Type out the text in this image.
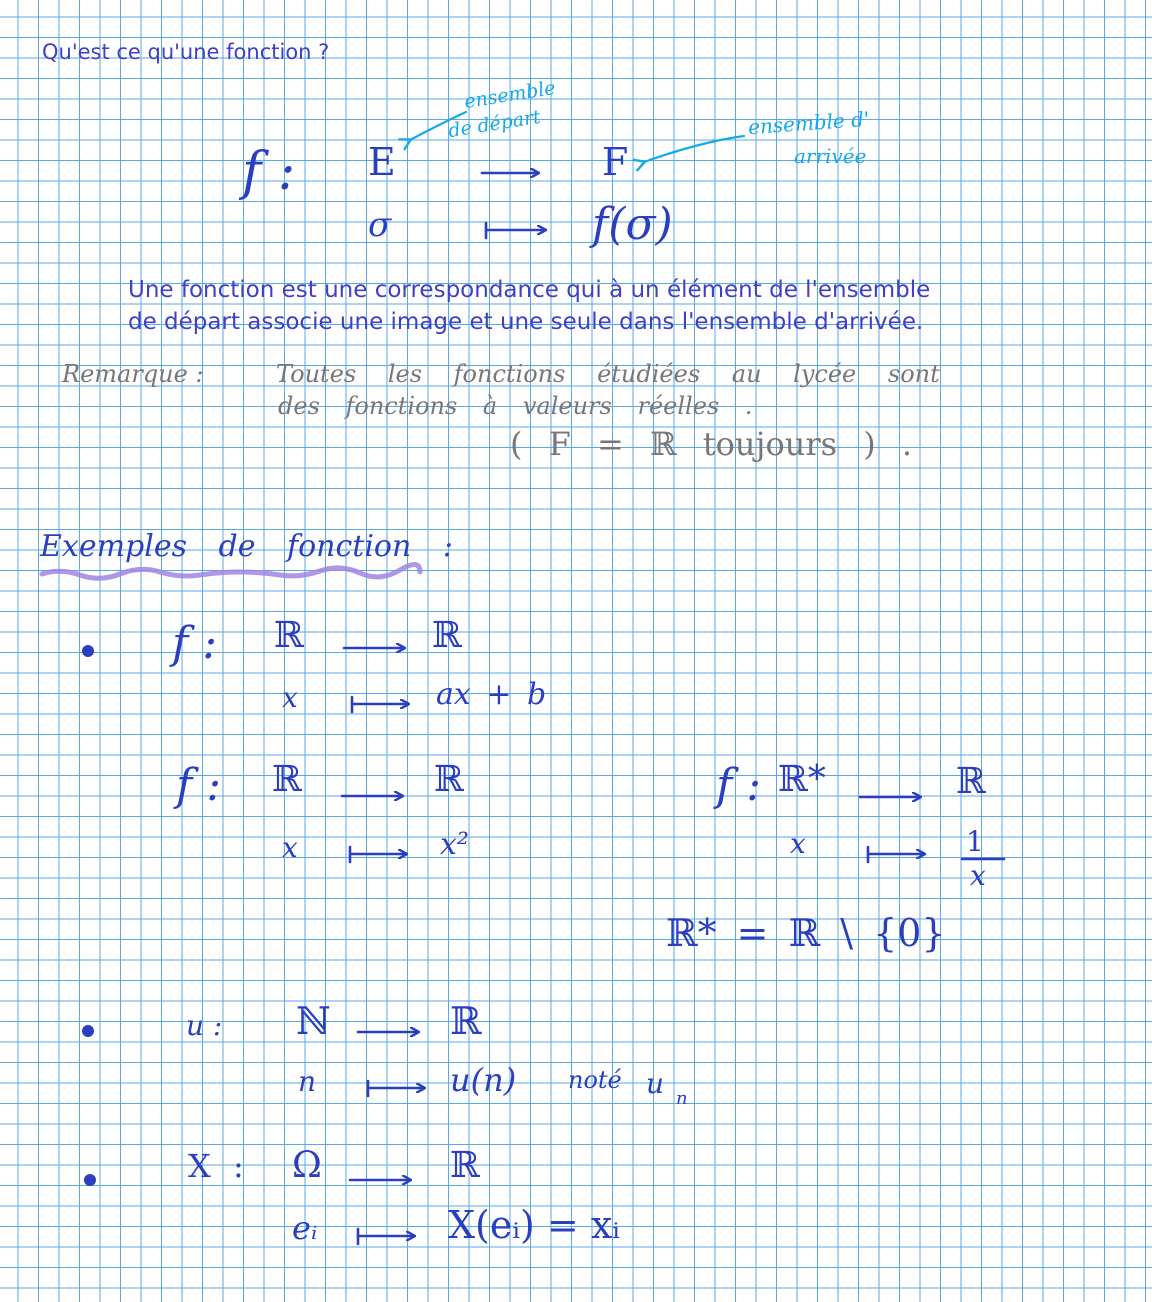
Qu'est ce qu'une fonction ?
f : E	F
σ	f(σ)
ensemble
de départ	ensemble d'
arrivée
Une fonction est une correspondance qui à un élément de l'ensemble
de départ associe une image et une seule dans l'ensemble d'arrivée.
Remarque :	Toutes les fonctions étudiées au lycée sont
des fonctions à valeurs réelles .
( F = ℝ toujours ) .
Exemples de fonction :
f : ℝ	ℝ
x	ax + b
f : ℝ	ℝ
x	x²
f : ℝ*	ℝ
x	1
x
ℝ* = ℝ \ {0}
u : ℕ	ℝ
n	u(n) noté u n
X : Ω	ℝ
eᵢ	X(eᵢ) = xᵢ
